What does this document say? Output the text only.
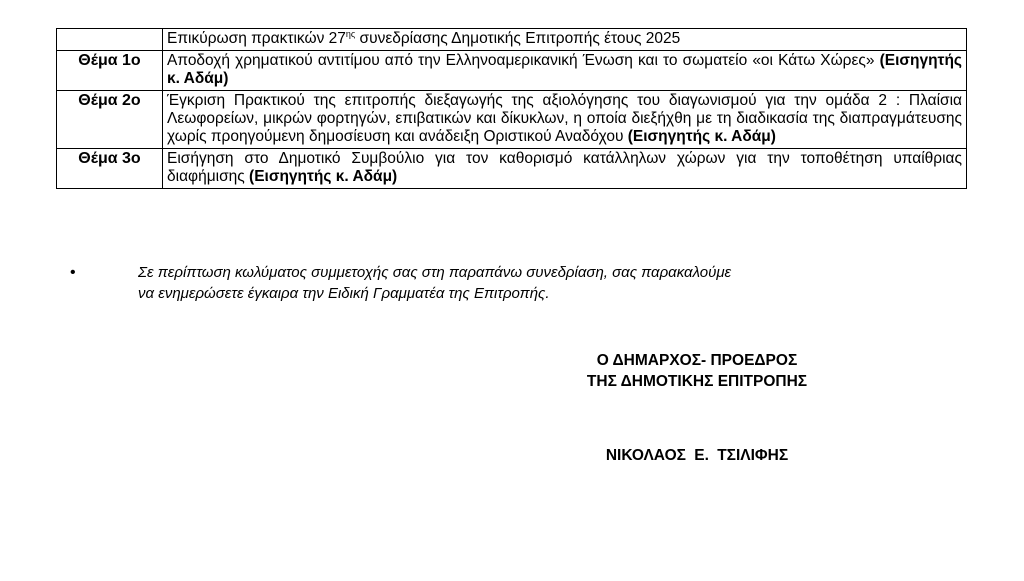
	Επικύρωση πρακτικών $27^{\eta\varsigma}$ συνεδρίασης Δημοτικής Επιτροπής έτους 2025
Θέμα 1ο	Αποδοχή χρηματικού αντιτίμου από την Ελληνοαμερικανική Ένωση και το σωματείο «οι Κάτω Χώρες» (Εισηγητής κ. Αδάμ)
Θέμα 2ο	Έγκριση Πρακτικού της επιτροπής διεξαγωγής της αξιολόγησης του διαγωνισμού για την ομάδα 2 : Πλαίσια Λεωφορείων, μικρών φορτηγών, επιβατικών και δίκυκλων, η οποία διεξήχθη με τη διαδικασία της διαπραγμάτευσης χωρίς προηγούμενη δημοσίευση και ανάδειξη Οριστικού Αναδόχου (Εισηγητής κ. Αδάμ)
Θέμα 3ο	Εισήγηση στο Δημοτικό Συμβούλιο για τον καθορισμό κατάλληλων χώρων για την τοποθέτηση υπαίθριας διαφήμισης (Εισηγητής κ. Αδάμ)
•	Σε περίπτωση κωλύματος συμμετοχής σας στη παραπάνω συνεδρίαση, σας παρακαλούμε
να ενημερώσετε έγκαιρα την Ειδική Γραμματέα της Επιτροπής.
Ο ΔΗΜΑΡΧΟΣ- ΠΡΟΕΔΡΟΣ
ΤΗΣ ΔΗΜΟΤΙΚΗΣ ΕΠΙΤΡΟΠΗΣ
ΝΙΚΟΛΑΟΣ Ε. ΤΣΙΛΙΦΗΣ
